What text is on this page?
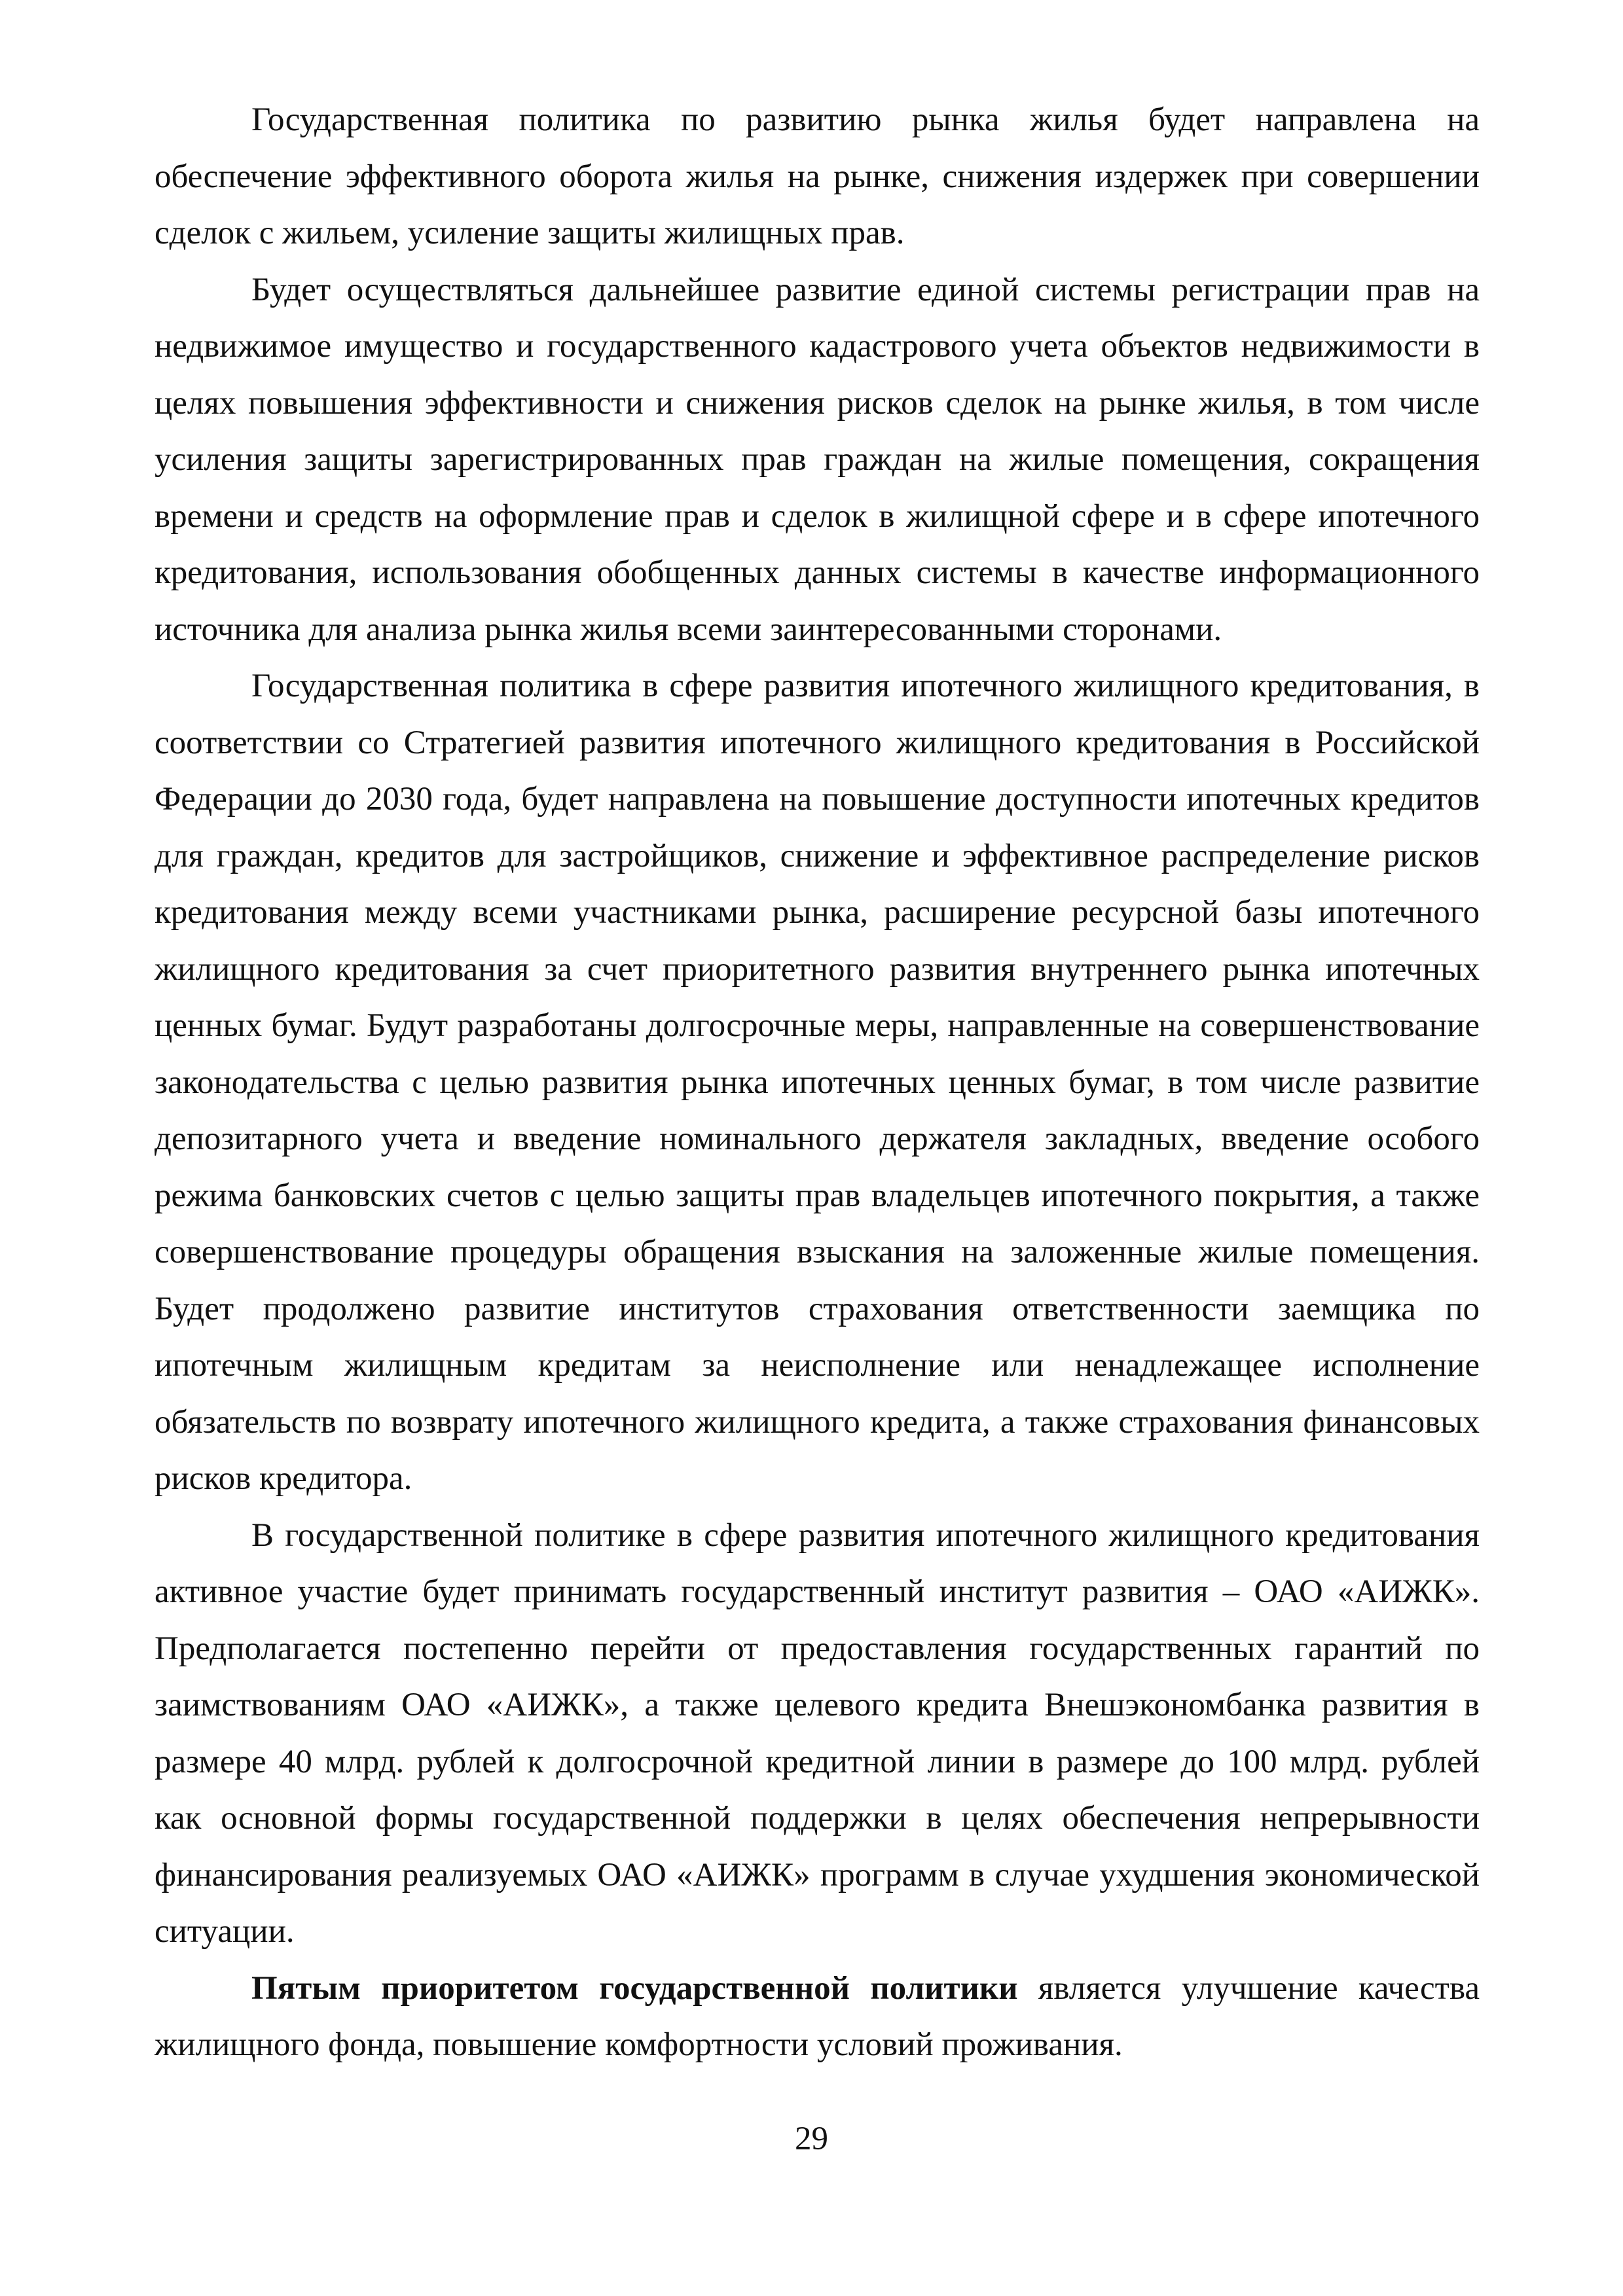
Государственная политика по развитию рынка жилья будет направлена на обеспечение эффективного оборота жилья на рынке, снижения издержек при совершении сделок с жильем, усиление защиты жилищных прав.

Будет осуществляться дальнейшее развитие единой системы регистрации прав на недвижимое имущество и государственного кадастрового учета объектов недвижимости в целях повышения эффективности и снижения рисков сделок на рынке жилья, в том числе усиления защиты зарегистрированных прав граждан на жилые помещения, сокращения времени и средств на оформление прав и сделок в жилищной сфере и в сфере ипотечного кредитования, использования обобщенных данных системы в качестве информационного источника для анализа рынка жилья всеми заинтересованными сторонами.

Государственная политика в сфере развития ипотечного жилищного кредитования, в соответствии со Стратегией развития ипотечного жилищного кредитования в Российской Федерации до 2030 года, будет направлена на повышение доступности ипотечных кредитов для граждан, кредитов для застройщиков, снижение и эффективное распределение рисков кредитования между всеми участниками рынка, расширение ресурсной базы ипотечного жилищного кредитования за счет приоритетного развития внутреннего рынка ипотечных ценных бумаг. Будут разработаны долгосрочные меры, направленные на совершенствование законодательства с целью развития рынка ипотечных ценных бумаг, в том числе развитие депозитарного учета и введение номинального держателя закладных, введение особого режима банковских счетов с целью защиты прав владельцев ипотечного покрытия, а также совершенствование процедуры обращения взыскания на заложенные жилые помещения. Будет продолжено развитие институтов страхования ответственности заемщика по ипотечным жилищным кредитам за неисполнение или ненадлежащее исполнение обязательств по возврату ипотечного жилищного кредита, а также страхования финансовых рисков кредитора.

В государственной политике в сфере развития ипотечного жилищного кредитования активное участие будет принимать государственный институт развития – ОАО «АИЖК». Предполагается постепенно перейти от предоставления государственных гарантий по заимствованиям ОАО «АИЖК», а также целевого кредита Внешэкономбанка развития в размере 40 млрд. рублей к долгосрочной кредитной линии в размере до 100 млрд. рублей как основной формы государственной поддержки в целях обеспечения непрерывности финансирования реализуемых ОАО «АИЖК» программ в случае ухудшения экономической ситуации.

Пятым приоритетом государственной политики является улучшение качества жилищного фонда, повышение комфортности условий проживания.

29
